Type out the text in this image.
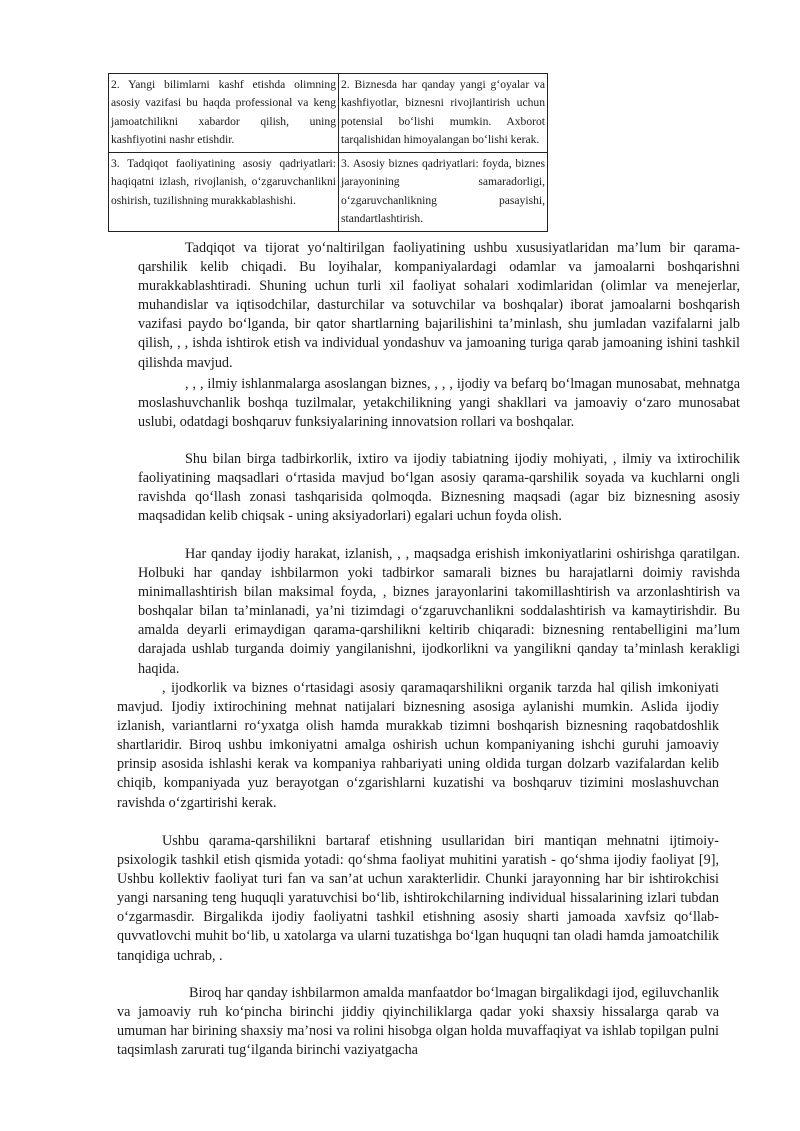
2. Yangi bilimlarni kashf etishda olimning asosiy vazifasi bu haqda professional va keng jamoatchilikni xabardor qilish, uning kashfiyotini nashr etishdir.	2. Biznesda har qanday yangi g‘oyalar va kashfiyotlar, biznesni rivojlantirish uchun potensial bo‘lishi mumkin. Axborot tarqalishidan himoyalangan bo‘lishi kerak.
3. Tadqiqot faoliyatining asosiy qadriyatlari: haqiqatni izlash, rivojlanish, o‘zgaruvchanlikni oshirish, tuzilishning murakkablashishi.	3. Asosiy biznes qadriyatlari: foyda, biznes jarayonining samaradorligi, o‘zgaruvchanlikning pasayishi, standartlashtirish.

Tadqiqot va tijorat yo‘naltirilgan faoliyatining ushbu xususiyatlaridan ma’lum bir qarama-qarshilik kelib chiqadi. Bu loyihalar, kompaniyalardagi odamlar va jamoalarni boshqarishni murakkablashtiradi. Shuning uchun turli xil faoliyat sohalari xodimlaridan (olimlar va menejerlar, muhandislar va iqtisodchilar, dasturchilar va sotuvchilar va boshqalar) iborat jamoalarni boshqarish vazifasi paydo bo‘lganda, bir qator shartlarning bajarilishini ta’minlash, shu jumladan vazifalarni jalb qilish, , , ishda ishtirok etish va individual yondashuv va jamoaning turiga qarab jamoaning ishini tashkil qilishda mavjud.

, , , ilmiy ishlanmalarga asoslangan biznes, , , , ijodiy va befarq bo‘lmagan munosabat, mehnatga moslashuvchanlik boshqa tuzilmalar, yetakchilikning yangi shakllari va jamoaviy o‘zaro munosabat uslubi, odatdagi boshqaruv funksiyalarining innovatsion rollari va boshqalar.

Shu bilan birga tadbirkorlik, ixtiro va ijodiy tabiatning ijodiy mohiyati, , ilmiy va ixtirochilik faoliyatining maqsadlari o‘rtasida mavjud bo‘lgan asosiy qarama-qarshilik soyada va kuchlarni ongli ravishda qo‘llash zonasi tashqarisida qolmoqda. Biznesning maqsadi (agar biz biznesning asosiy maqsadidan kelib chiqsak - uning aksiyadorlari) egalari uchun foyda olish.

Har qanday ijodiy harakat, izlanish, , , maqsadga erishish imkoniyatlarini oshirishga qaratilgan. Holbuki har qanday ishbilarmon yoki tadbirkor samarali biznes bu harajatlarni doimiy ravishda minimallashtirish bilan maksimal foyda, , biznes jarayonlarini takomillashtirish va arzonlashtirish va boshqalar bilan ta’minlanadi, ya’ni tizimdagi o‘zgaruvchanlikni soddalashtirish va kamaytirishdir. Bu amalda deyarli erimaydigan qarama-qarshilikni keltirib chiqaradi: biznesning rentabelligini ma’lum darajada ushlab turganda doimiy yangilanishni, ijodkorlikni va yangilikni qanday ta’minlash kerakligi haqida.

, ijodkorlik va biznes o‘rtasidagi asosiy qaramaqarshilikni organik tarzda hal qilish imkoniyati mavjud. Ijodiy ixtirochining mehnat natijalari biznesning asosiga aylanishi mumkin. Aslida ijodiy izlanish, variantlarni ro‘yxatga olish hamda murakkab tizimni boshqarish biznesning raqobatdoshlik shartlaridir. Biroq ushbu imkoniyatni amalga oshirish uchun kompaniyaning ishchi guruhi jamoaviy prinsip asosida ishlashi kerak va kompaniya rahbariyati uning oldida turgan dolzarb vazifalardan kelib chiqib, kompaniyada yuz berayotgan o‘zgarishlarni kuzatishi va boshqaruv tizimini moslashuvchan ravishda o‘zgartirishi kerak.

Ushbu qarama-qarshilikni bartaraf etishning usullaridan biri mantiqan mehnatni ijtimoiy-psixologik tashkil etish qismida yotadi: qo‘shma faoliyat muhitini yaratish - qo‘shma ijodiy faoliyat [9], Ushbu kollektiv faoliyat turi fan va san’at uchun xarakterlidir. Chunki jarayonning har bir ishtirokchisi yangi narsaning teng huquqli yaratuvchisi bo‘lib, ishtirokchilarning individual hissalarining izlari tubdan o‘zgarmasdir. Birgalikda ijodiy faoliyatni tashkil etishning asosiy sharti jamoada xavfsiz qo‘llab-quvvatlovchi muhit bo‘lib, u xatolarga va ularni tuzatishga bo‘lgan huquqni tan oladi hamda jamoatchilik tanqidiga uchrab, .

Biroq har qanday ishbilarmon amalda manfaatdor bo‘lmagan birgalikdagi ijod, egiluvchanlik va jamoaviy ruh ko‘pincha birinchi jiddiy qiyinchiliklarga qadar yoki shaxsiy hissalarga qarab va umuman har birining shaxsiy ma’nosi va rolini hisobga olgan holda muvaffaqiyat va ishlab topilgan pulni taqsimlash zarurati tug‘ilganda birinchi vaziyatgacha
